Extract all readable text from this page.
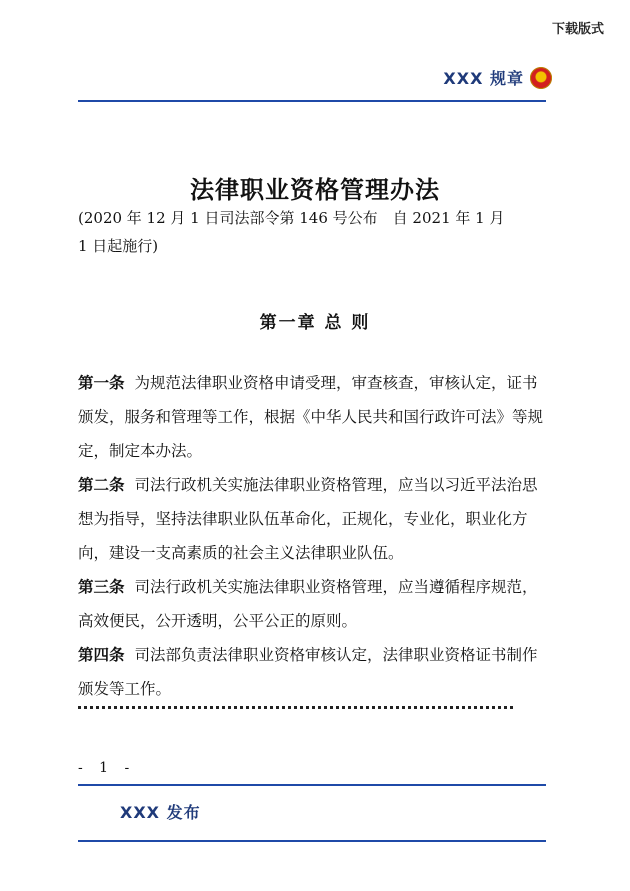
下载版式
XXX 规章
法律职业资格管理办法
(2020 年 12 月 1 日司法部令第 146 号公布　自 2021 年 1 月
1 日起施行)
第一章 总 则

第一条 为规范法律职业资格申请受理，审查核查，审核认定，证书颁发，服务和管理等工作，根据《中华人民共和国行政许可法》等规定，制定本办法。

第二条 司法行政机关实施法律职业资格管理，应当以习近平法治思想为指导，坚持法律职业队伍革命化，正规化，专业化，职业化方向，建设一支高素质的社会主义法律职业队伍。

第三条 司法行政机关实施法律职业资格管理，应当遵循程序规范，高效便民，公开透明，公平公正的原则。

第四条 司法部负责法律职业资格审核认定，法律职业资格证书制作颁发等工作。

- 1 -
XXX 发布
